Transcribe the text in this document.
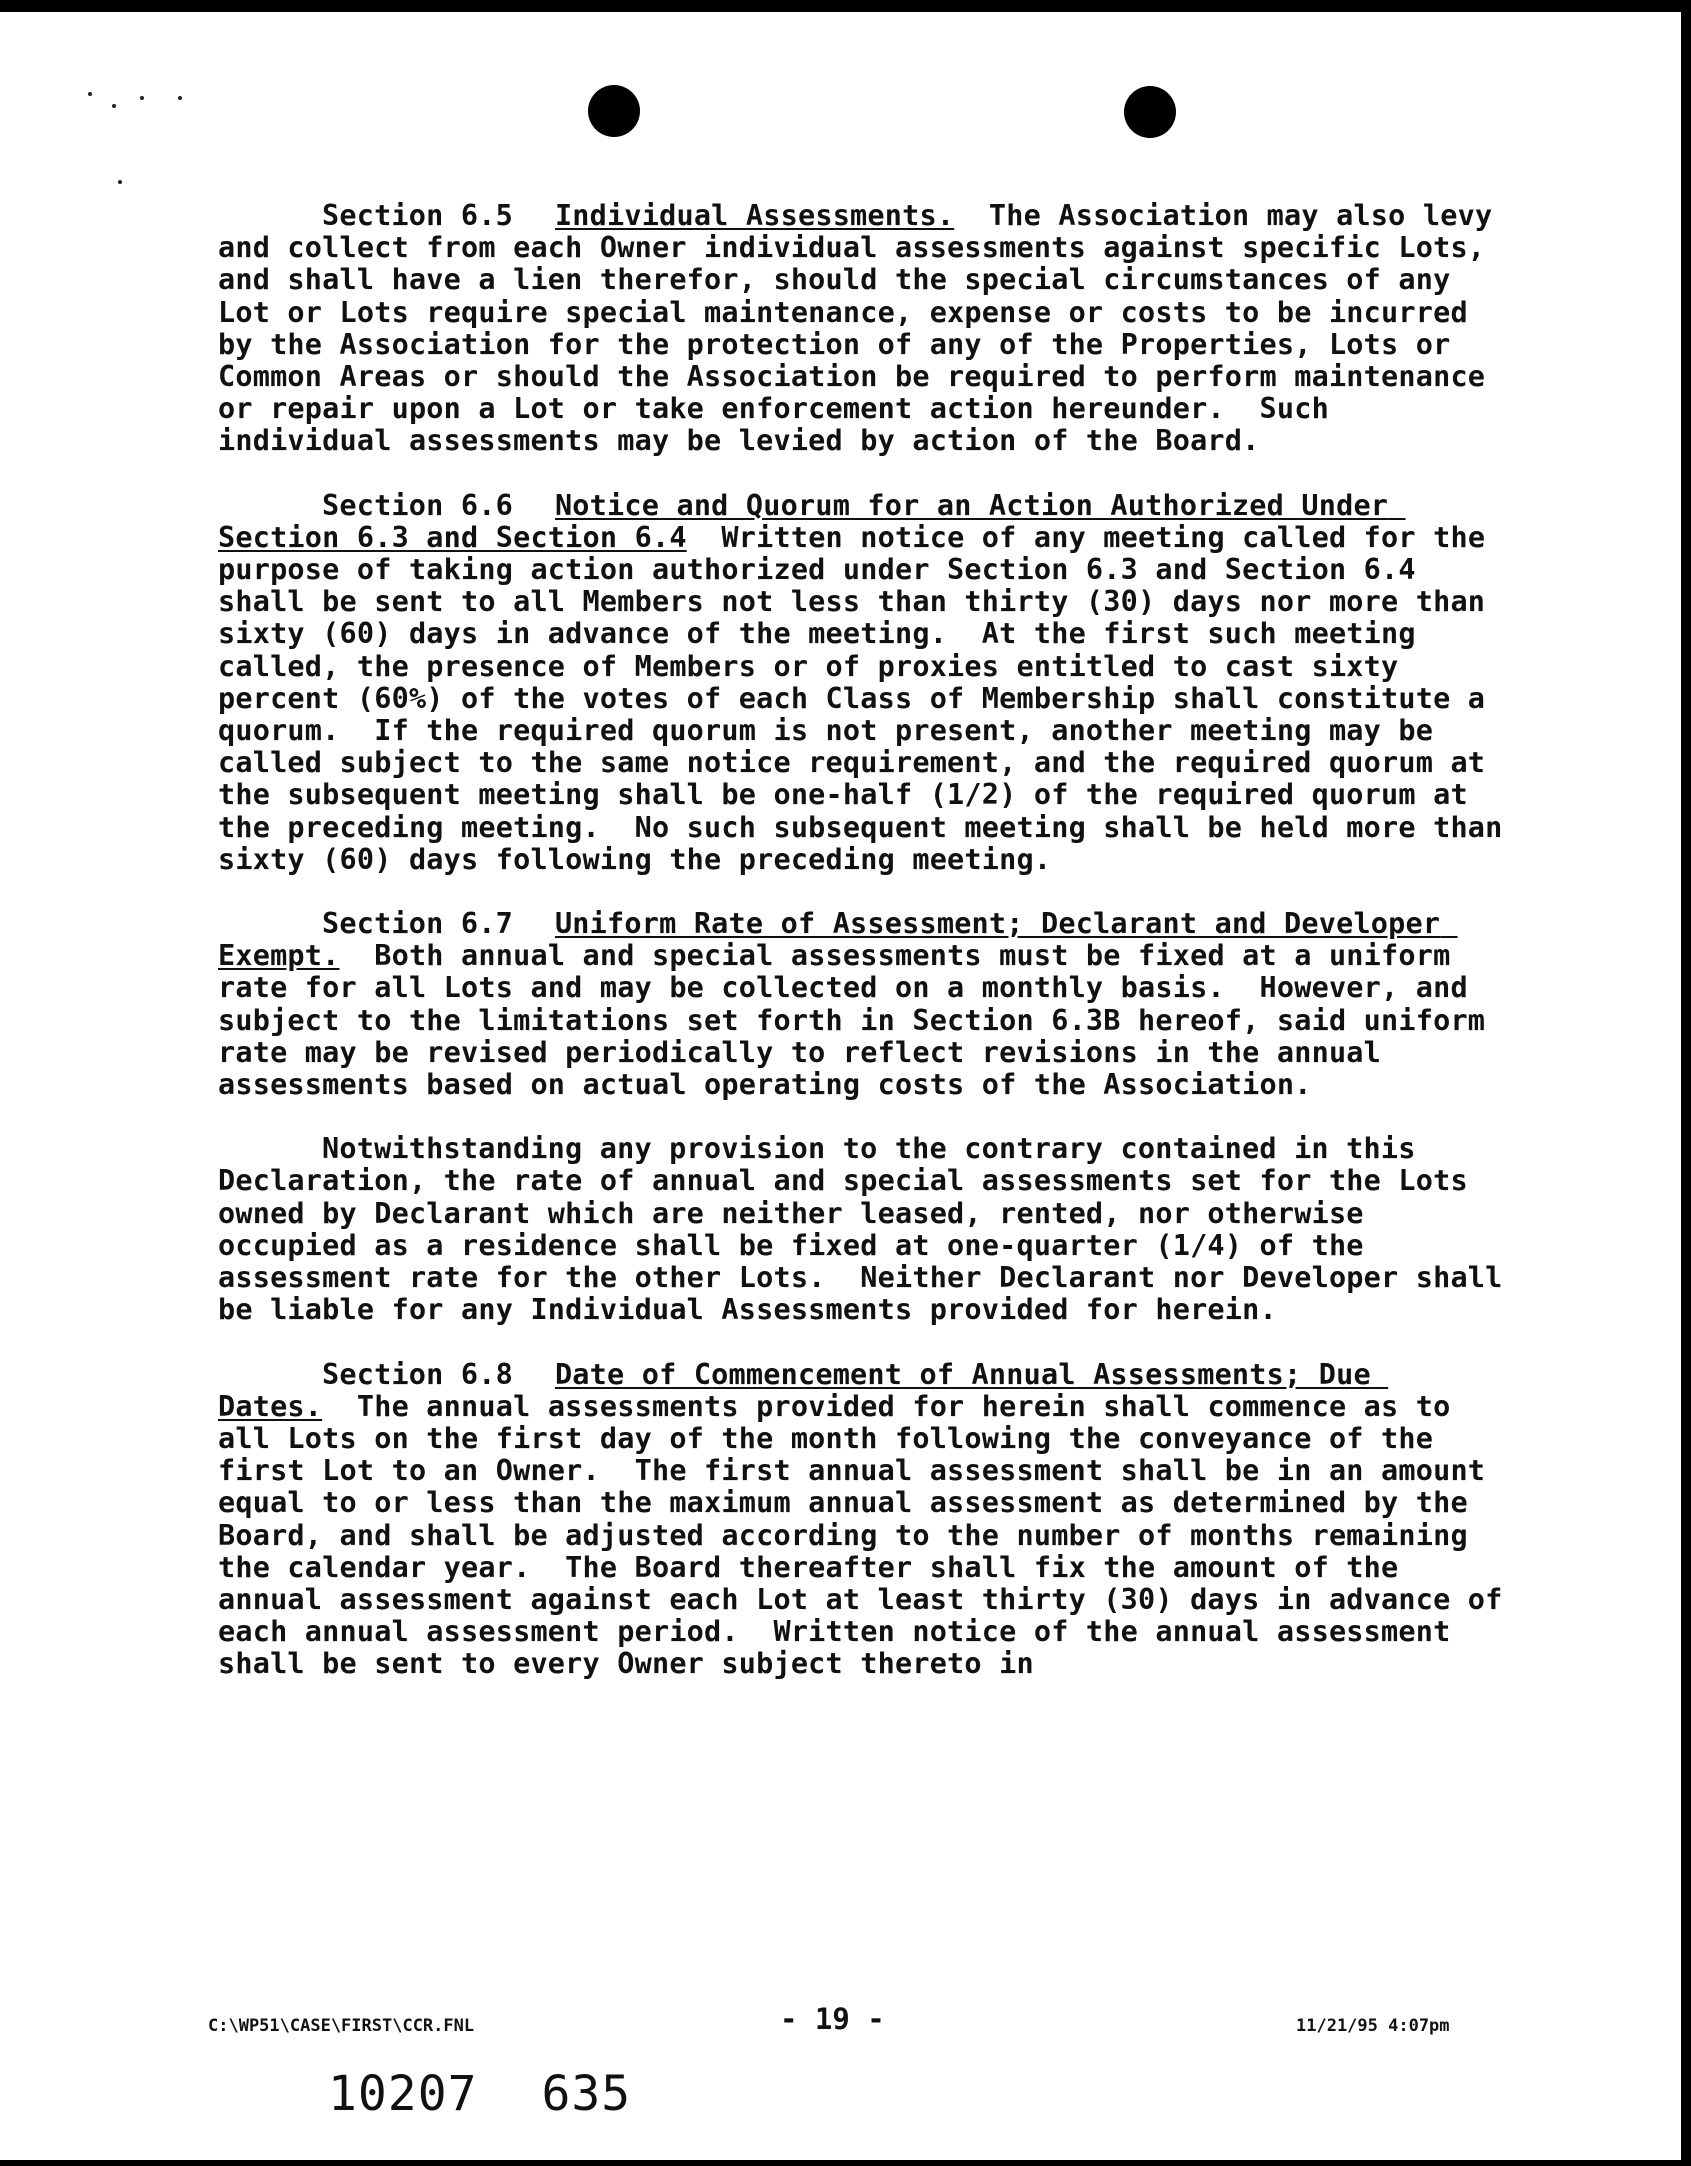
Section 6.5 Individual Assessments. The Association may also levy and collect from each Owner individual assessments against specific Lots, and shall have a lien therefor, should the special circumstances of any Lot or Lots require special maintenance, expense or costs to be incurred by the Association for the protection of any of the Properties, Lots or Common Areas or should the Association be required to perform maintenance or repair upon a Lot or take enforcement action hereunder.  Such individual assessments may be levied by action of the Board.

Section 6.6 Notice and Quorum for an Action Authorized Under Section 6.3 and Section 6.4 Written notice of any meeting called for the purpose of taking action authorized under Section 6.3 and Section 6.4 shall be sent to all Members not less than thirty (30) days nor more than sixty (60) days in advance of the meeting.  At the first such meeting called, the presence of Members or of proxies entitled to cast sixty percent (60%) of the votes of each Class of Membership shall constitute a quorum.  If the required quorum is not present, another meeting may be called subject to the same notice requirement, and the required quorum at the subsequent meeting shall be one-half (1/2) of the required quorum at the preceding meeting.  No such subsequent meeting shall be held more than sixty (60) days following the preceding meeting.

Section 6.7 Uniform Rate of Assessment; Declarant and Developer Exempt. Both annual and special assessments must be fixed at a uniform rate for all Lots and may be collected on a monthly basis.  However, and subject to the limitations set forth in Section 6.3B hereof, said uniform rate may be revised periodically to reflect revisions in the annual assessments based on actual operating costs of the Association.

Notwithstanding any provision to the contrary contained in this Declaration, the rate of annual and special assessments set for the Lots owned by Declarant which are neither leased, rented, nor otherwise occupied as a residence shall be fixed at one-quarter (1/4) of the assessment rate for the other Lots.  Neither Declarant nor Developer shall be liable for any Individual Assessments provided for herein.

Section 6.8 Date of Commencement of Annual Assessments; Due Dates. The annual assessments provided for herein shall commence as to all Lots on the first day of the month following the conveyance of the first Lot to an Owner.  The first annual assessment shall be in an amount equal to or less than the maximum annual assessment as determined by the Board, and shall be adjusted according to the number of months remaining the calendar year.  The Board thereafter shall fix the amount of the annual assessment against each Lot at least thirty (30) days in advance of each annual assessment period.  Written notice of the annual assessment shall be sent to every Owner subject thereto in

C:\WP51\CASE\FIRST\CCR.FNL	- 19 -	11/21/95 4:07pm
10207 635
